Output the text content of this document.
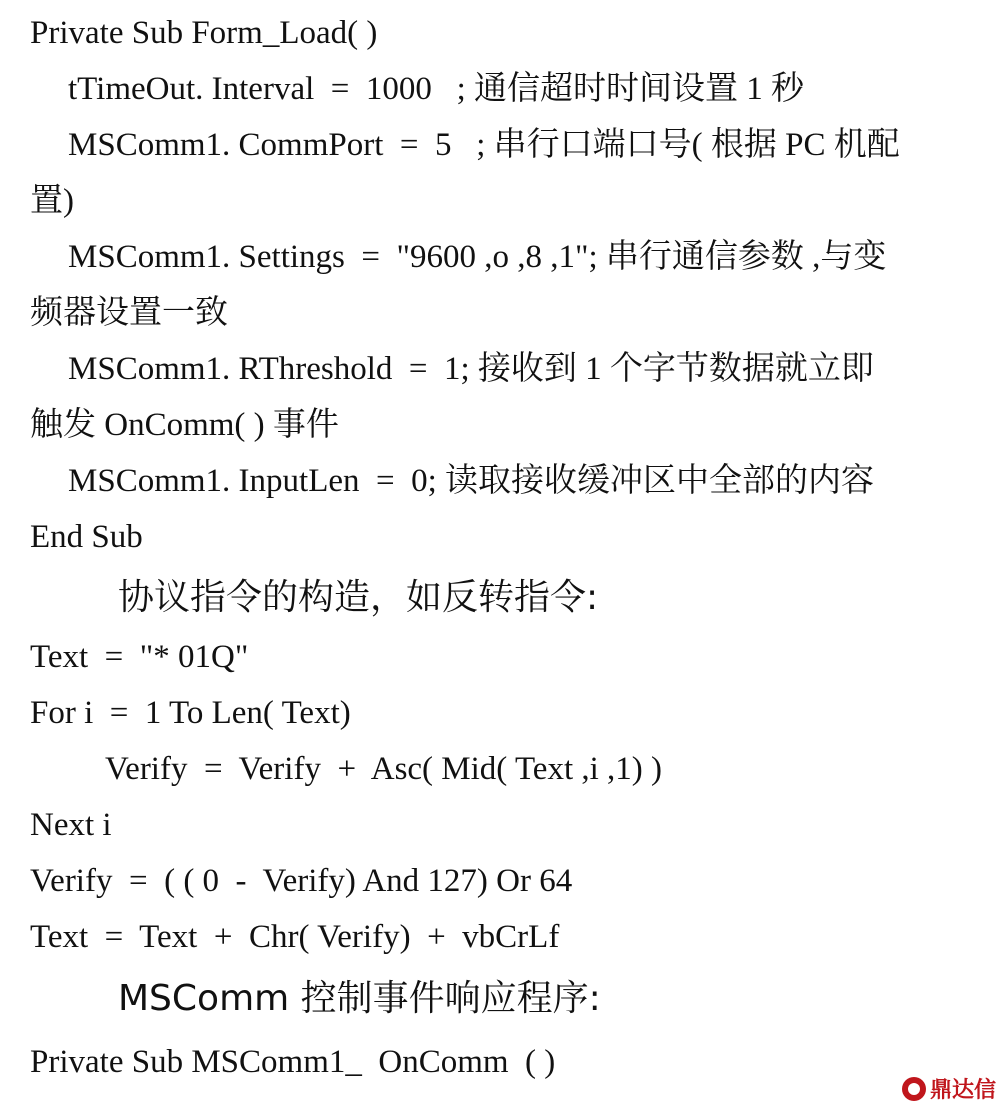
Private Sub Form_Load( )
tTimeOut. Interval  =  1000   ; 通信超时时间设置 1 秒
MSComm1. CommPort  =  5   ; 串行口端口号( 根据 PC 机配
置)
MSComm1. Settings  =  "9600 ,o ,8 ,1"; 串行通信参数 ,与变
频器设置一致
MSComm1. RThreshold  =  1; 接收到 1 个字节数据就立即
触发 OnComm( ) 事件
MSComm1. InputLen  =  0; 读取接收缓冲区中全部的内容
End Sub
协议指令的构造，如反转指令:
Text  =  "* 01Q"
For i  =  1 To Len( Text)
Verify  =  Verify  +  Asc( Mid( Text ,i ,1) )
Next i
Verify  =  ( ( 0  -  Verify) And 127) Or 64
Text  =  Text  +  Chr( Verify)  +  vbCrLf
MSComm 控制事件响应程序:
Private Sub MSComm1_  OnComm  ( )
鼎达信
